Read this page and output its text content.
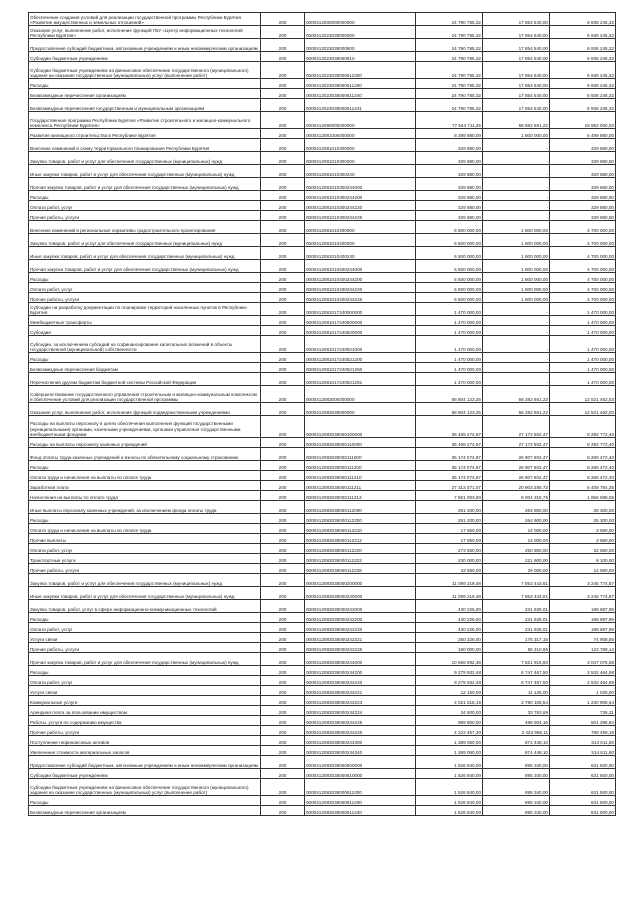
Обеспечение создания условий для реализации государственной программы Республики Бурятия «Развитие имущественных и земельных отношений»	200	0000412000000000000	24 790 785,32	17 854 540,00	6 936 245,32
Оказание услуг, выполнение работ, исполнение функций ГБУ «Центр информационных технологий Республики Бурятия»	200	0000412023038000000	24 790 785,32	17 854 540,00	6 936 245,32
Предоставление субсидий бюджетным, автономным учреждениям и иным некоммерческим организациям	200	0000412023038000600	24 790 785,32	17 854 540,00	6 936 245,32
Субсидии бюджетным учреждениям	200	0000412023038000610	24 790 785,32	17 854 540,00	6 936 245,32
Субсидии бюджетным учреждениям на финансовое обеспечение государственного (муниципального) задания на оказание государственных (муниципальных) услуг (выполнение работ)	200	0000412023038000611000	24 790 785,32	17 854 540,00	6 936 245,32
Расходы	200	0000412023038000611200	24 790 785,32	17 854 540,00	6 936 245,32
Безвозмездные перечисления организациям	200	0000412023038000611240	24 790 785,32	17 854 540,00	6 936 245,32
Безвозмездные перечисления государственным и муниципальным организациям	200	0000412023038000611241	24 790 785,32	17 854 540,00	6 936 245,32
Государственная программа Республики Бурятия «Развитие строительного и жилищно-коммунального комплекса Республики Бурятия»	200	0000412080000000000	77 644 711,25	58 682 661,22	18 962 050,03
Развитие жилищного строительства в Республике Бурятия	200	0000412081000000000	8 299 880,00	1 800 000,00	6 499 880,00
Внесение изменений в схему территориального планирования Республики Бурятия	200	0000412081010300000	329 880,00	-	329 880,00
Закупка товаров, работ и услуг для обеспечения государственных (муниципальных) нужд	200	0000412081010300200	329 880,00	-	329 880,00
Иные закупки товаров, работ и услуг для обеспечения государственных (муниципальных) нужд	200	0000412081010300240	329 880,00	-	329 880,00
Прочая закупка товаров, работ и услуг для обеспечения государственных (муниципальных) нужд	200	0000412081010300244000	329 880,00	-	329 880,00
Расходы	200	0000412081010300244200	329 880,00	-	329 880,00
Оплата работ, услуг	200	0000412081010300244220	329 880,00	-	329 880,00
Прочие работы, услуги	200	0000412081010300244226	329 880,00	-	329 880,00
Внесение изменений в региональные нормативы градостроительного проектирования	200	0000412081010400000	6 500 000,00	1 800 000,00	4 700 000,00
Закупка товаров, работ и услуг для обеспечения государственных (муниципальных) нужд	200	0000412081010400200	6 500 000,00	1 800 000,00	4 700 000,00
Иные закупки товаров, работ и услуг для обеспечения государственных (муниципальных) нужд	200	0000412081010400240	6 500 000,00	1 800 000,00	4 700 000,00
Прочая закупка товаров, работ и услуг для обеспечения государственных (муниципальных) нужд	200	0000412081010400244000	6 500 000,00	1 800 000,00	4 700 000,00
Расходы	200	0000412081010400244200	6 500 000,00	1 800 000,00	4 700 000,00
Оплата работ, услуг	200	0000412081010400244220	6 500 000,00	1 800 000,00	4 700 000,00
Прочие работы, услуги	200	0000412081010400244226	6 500 000,00	1 800 000,00	4 700 000,00
Субсидии на разработку документации по планировке территорий населенных пунктов в Республике Бурятия	200	0000412081017240000000	1 470 000,00	-	1 470 000,00
Межбюджетные трансферты	200	0000412081017240500000	1 470 000,00	-	1 470 000,00
Субсидии	200	0000412081017240520000	1 470 000,00	-	1 470 000,00
Субсидии, за исключением субсидий на софинансирование капитальных вложений в объекты государственной (муниципальной) собственности	200	0000412081017240521000	1 470 000,00	-	1 470 000,00
Расходы	200	0000412081017240521200	1 470 000,00	-	1 470 000,00
Безвозмездные перечисления бюджетам	200	0000412081017240521250	1 470 000,00	-	1 470 000,00
Перечисления другим бюджетам бюджетной системы Российской Федерации	200	0000412081017240521251	1 470 000,00	-	1 470 000,00
Совершенствование государственного управления строительным и жилищно-коммунальным комплексом и обеспечение условий для реализации государственной программы	200	0000412083000000000	68 804 123,25	56 282 661,22	12 521 462,03
Оказание услуг, выполнение работ, исполнение функций подведомственными учреждениями	200	0000412083038000000	68 804 123,25	56 282 661,22	12 521 462,03
Расходы на выплаты персоналу в целях обеспечения выполнения функций государственными (муниципальными) органами, казенными учреждениями, органами управления государственными внебюджетными фондами	200	0000412083038000100000	35 465 274,87	27 172 502,47	8 292 772,40
Расходы на выплаты персоналу казенных учреждений	200	0000412083038000110000	35 465 274,87	27 172 502,47	8 292 772,40
Фонд оплаты труда казенных учреждений и взносы по обязательному социальному страхованию	200	0000412083038000111000	35 174 074,87	26 907 602,47	8 266 472,40
Расходы	200	0000412083038000111200	35 174 074,87	26 907 602,47	8 266 472,40
Оплата труда и начисления на выплаты по оплате труда	200	0000412083038000111210	35 174 074,87	26 907 602,47	8 266 472,40
Заработная плата	200	0000412083038000111211	27 313 071,07	20 903 286,72	6 409 784,35
Начисления на выплаты по оплате труда	200	0000412083038000111213	7 861 003,80	6 004 315,75	1 856 688,05
Иные выплаты персоналу казенных учреждений, за исключением фонда оплаты труда	200	0000412083038000112000	291 200,00	264 900,00	26 300,00
Расходы	200	0000412083038000112200	291 200,00	264 900,00	26 300,00
Оплата труда и начисления на выплаты по оплате труда	200	0000412083038000112210	17 650,00	14 000,00	3 650,00
Прочие выплаты	200	0000412083038000112212	17 650,00	14 000,00	3 650,00
Оплата работ, услуг	200	0000412083038000112220	273 550,00	250 900,00	22 650,00
Транспортные услуги	200	0000412083038000112222	230 000,00	221 900,00	8 100,00
Прочие работы, услуги	200	0000412083038000112226	43 550,00	29 000,00	14 550,00
Закупка товаров, работ и услуг для обеспечения государственных (муниципальных) нужд	200	0000412083038000200000	11 099 218,48	7 853 443,61	3 245 774,87
Иные закупки товаров, работ и услуг для обеспечения государственных (муниципальных) нужд	200	0000412083038000240000	11 099 218,48	7 853 443,61	3 245 774,87
Закупка товаров, работ, услуг в сфере информационно-коммуникационных технологий	200	0000412083038000242000	430 226,00	231 528,01	198 697,99
Расходы	200	0000412083038000242200	430 226,00	231 528,01	198 697,99
Оплата работ, услуг	200	0000412083038000242220	430 226,00	231 528,01	198 697,99
Услуги связи	200	0000412083038000242221	250 226,00	175 317,15	74 908,85
Прочие работы, услуги	200	0000412083038000242226	180 000,00	56 210,86	123 789,14
Прочая закупка товаров, работ и услуг для обеспечения государственных (муниципальных) нужд	200	0000412083038000244000	10 668 992,48	7 621 915,60	3 047 076,88
Расходы	200	0000412083038000244200	9 279 932,48	6 747 467,50	2 532 464,98
Оплата работ, услуг	200	0000412083038000244220	9 279 932,48	6 747 467,50	2 532 464,98
Услуги связи	200	0000412083038000244221	12 150,00	11 125,00	1 025,00
Коммунальные услуги	200	0000412083038000244223	4 021 015,18	2 790 106,54	1 230 908,64
Арендная плата за пользование имуществом	200	0000412083038000244224	34 500,00	33 763,69	736,31
Работы, услуги по содержанию имущества	200	0000412083038000244225	989 800,00	488 504,16	501 295,84
Прочие работы, услуги	200	0000412083038000244226	4 222 467,30	3 423 968,11	798 499,19
Поступление нефинансовых активов	200	0000412083038000244300	1 389 060,00	874 448,10	514 611,90
Увеличение стоимости материальных запасов	200	0000412083038000244340	1 389 060,00	874 448,10	514 611,90
Предоставление субсидий бюджетным, автономным учреждениям и иным некоммерческим организациям	200	0000412083038000600000	1 526 840,00	895 340,00	631 500,00
Субсидии бюджетным учреждениям	200	0000412083038000610000	1 526 840,00	895 340,00	631 500,00
Субсидии бюджетным учреждениям на финансовое обеспечение государственного (муниципального) задания на оказание государственных (муниципальных) услуг (выполнение работ)	200	0000412083038000611000	1 526 840,00	895 340,00	631 500,00
Расходы	200	0000412083038000611200	1 526 840,00	895 340,00	631 500,00
Безвозмездные перечисления организациям	200	0000412083038000611240	1 526 840,00	895 340,00	631 500,00
